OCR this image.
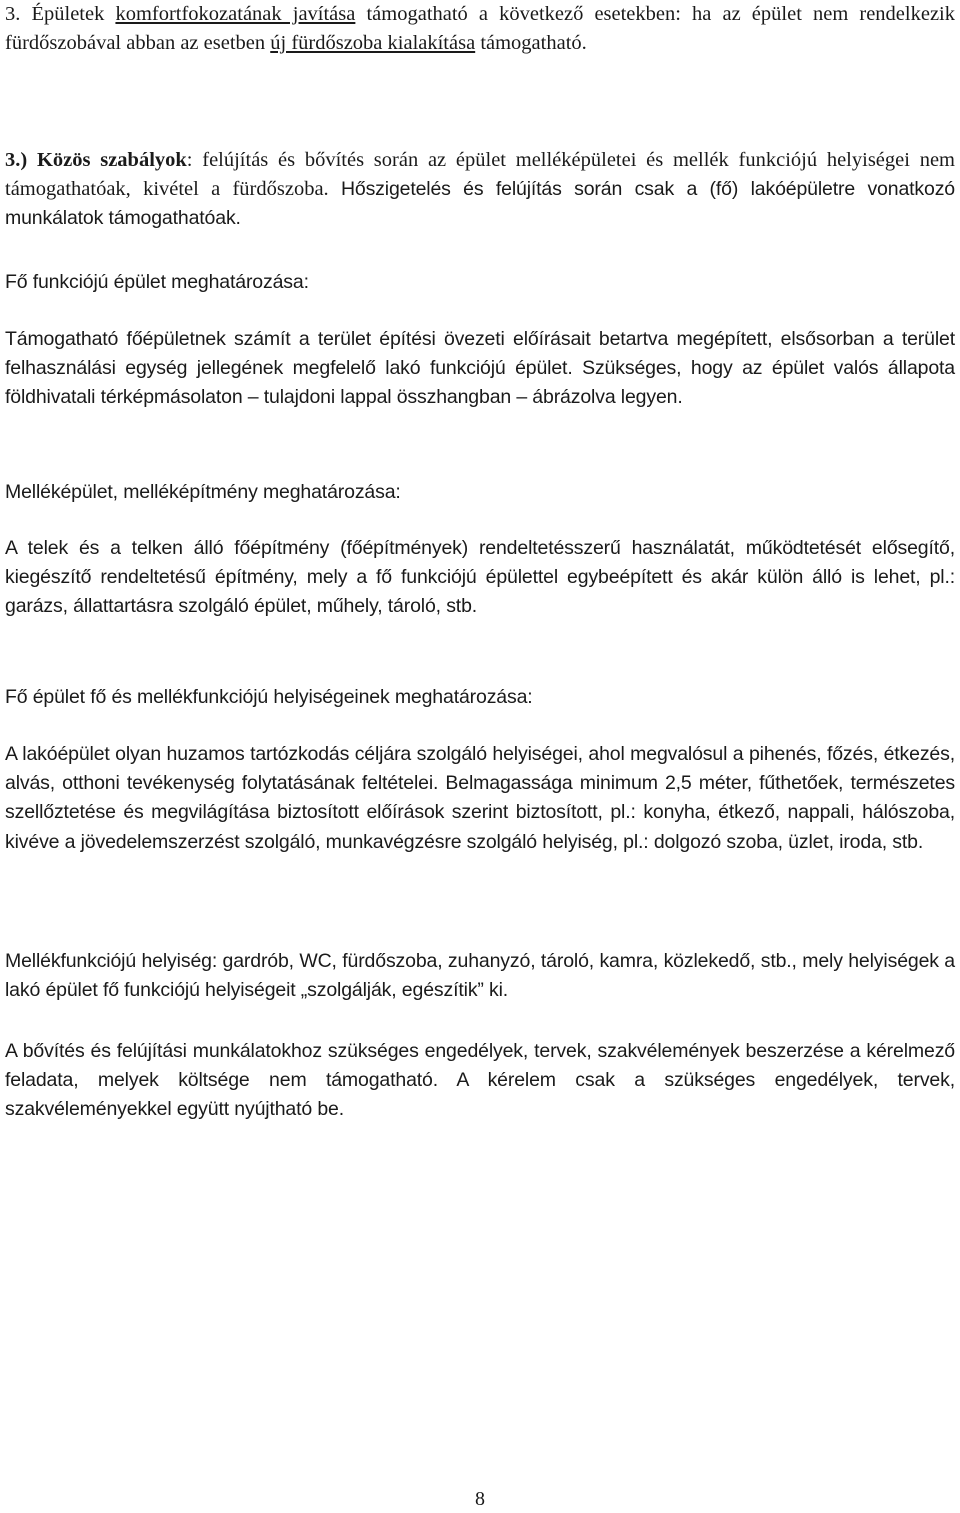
3. Épületek komfortfokozatának javítása támogatható a következő esetekben: ha az épület nem rendelkezik fürdőszobával abban az esetben új fürdőszoba kialakítása támogatható.

3.) Közös szabályok: felújítás és bővítés során az épület melléképületei és mellék funkciójú helyiségei nem támogathatóak, kivétel a fürdőszoba. Hőszigetelés és felújítás során csak a (fő) lakóépületre vonatkozó munkálatok támogathatóak.

Fő funkciójú épület meghatározása:

Támogatható főépületnek számít a terület építési övezeti előírásait betartva megépített, elsősorban a terület felhasználási egység jellegének megfelelő lakó funkciójú épület. Szükséges, hogy az épület valós állapota földhivatali térképmásolaton – tulajdoni lappal összhangban – ábrázolva legyen.

Melléképület, melléképítmény meghatározása:

A telek és a telken álló főépítmény (főépítmények) rendeltetésszerű használatát, működtetését elősegítő, kiegészítő rendeltetésű építmény, mely a fő funkciójú épülettel egybeépített és akár külön álló is lehet, pl.: garázs, állattartásra szolgáló épület, műhely, tároló, stb.

Fő épület fő és mellékfunkciójú helyiségeinek meghatározása:

A lakóépület olyan huzamos tartózkodás céljára szolgáló helyiségei, ahol megvalósul a pihenés, főzés, étkezés, alvás, otthoni tevékenység folytatásának feltételei. Belmagassága minimum 2,5 méter, fűthetőek, természetes szellőztetése és megvilágítása biztosított előírások szerint biztosított, pl.: konyha, étkező, nappali, hálószoba, kivéve a jövedelemszerzést szolgáló, munkavégzésre szolgáló helyiség, pl.: dolgozó szoba, üzlet, iroda, stb.

Mellékfunkciójú helyiség: gardrób, WC, fürdőszoba, zuhanyzó, tároló, kamra, közlekedő, stb., mely helyiségek a lakó épület fő funkciójú helyiségeit „szolgálják, egészítik” ki.

A bővítés és felújítási munkálatokhoz szükséges engedélyek, tervek, szakvélemények beszerzése a kérelmező feladata, melyek költsége nem támogatható. A kérelem csak a szükséges engedélyek, tervek, szakvéleményekkel együtt nyújtható be.

8
